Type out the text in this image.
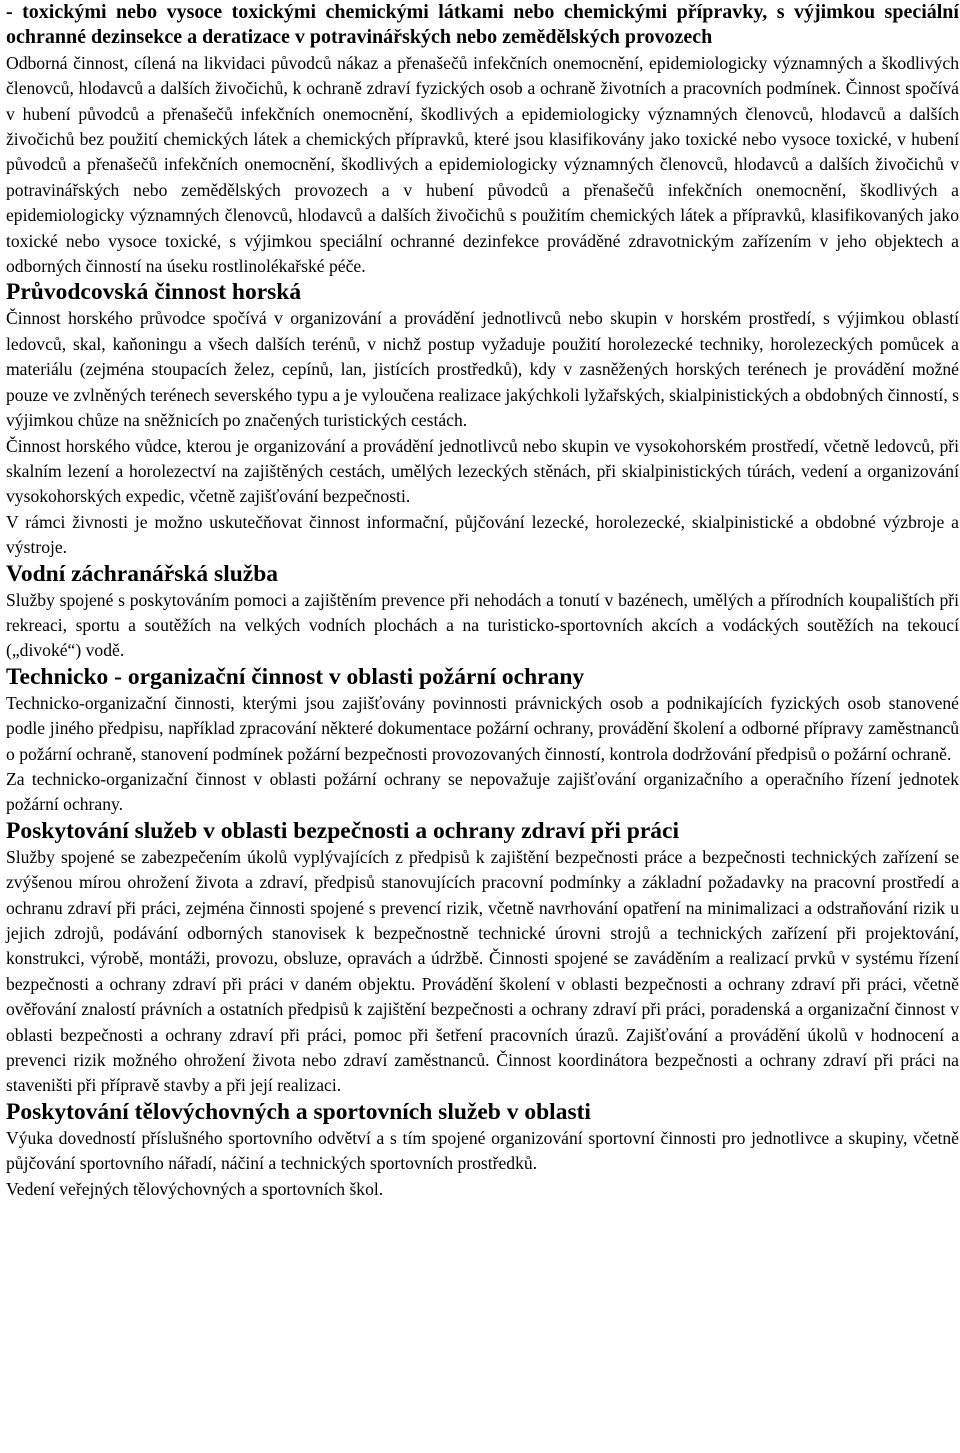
- toxickými nebo vysoce toxickými chemickými látkami nebo chemickými přípravky, s výjimkou speciální ochranné dezinsekce a deratizace v potravinářských nebo zemědělských provozech

Odborná činnost, cílená na likvidaci původců nákaz a přenašečů infekčních onemocnění, epidemiologicky významných a škodlivých členovců, hlodavců a dalších živočichů, k ochraně zdraví fyzických osob a ochraně životních a pracovních podmínek. Činnost spočívá v hubení původců a přenašečů infekčních onemocnění, škodlivých a epidemiologicky významných členovců, hlodavců a dalších živočichů bez použití chemických látek a chemických přípravků, které jsou klasifikovány jako toxické nebo vysoce toxické, v hubení původců a přenašečů infekčních onemocnění, škodlivých a epidemiologicky významných členovců, hlodavců a dalších živočichů v potravinářských nebo zemědělských provozech a v hubení původců a přenašečů infekčních onemocnění, škodlivých a epidemiologicky významných členovců, hlodavců a dalších živočichů s použitím chemických látek a přípravků, klasifikovaných jako toxické nebo vysoce toxické, s výjimkou speciální ochranné dezinfekce prováděné zdravotnickým zařízením v jeho objektech a odborných činností na úseku rostlinolékařské péče.

Průvodcovská činnost horská

Činnost horského průvodce spočívá v organizování a provádění jednotlivců nebo skupin v horském prostředí, s výjimkou oblastí ledovců, skal, kaňoningu a všech dalších terénů, v nichž postup vyžaduje použití horolezecké techniky, horolezeckých pomůcek a materiálu (zejména stoupacích želez, cepínů, lan, jistících prostředků), kdy v zasněžených horských terénech je provádění možné pouze ve zvlněných terénech severského typu a je vyloučena realizace jakýchkoli lyžařských, skialpinistických a obdobných činností, s výjimkou chůze na sněžnicích po značených turistických cestách.

Činnost horského vůdce, kterou je organizování a provádění jednotlivců nebo skupin ve vysokohorském prostředí, včetně ledovců, při skalním lezení a horolezectví na zajištěných cestách, umělých lezeckých stěnách, při skialpinistických túrách, vedení a organizování vysokohorských expedic, včetně zajišťování bezpečnosti.

V rámci živnosti je možno uskutečňovat činnost informační, půjčování lezecké, horolezecké, skialpinistické a obdobné výzbroje a výstroje.

Vodní záchranářská služba

Služby spojené s poskytováním pomoci a zajištěním prevence při nehodách a tonutí v bazénech, umělých a přírodních koupalištích při rekreaci, sportu a soutěžích na velkých vodních plochách a na turisticko-sportovních akcích a vodáckých soutěžích na tekoucí („divoké“) vodě.

Technicko - organizační činnost v oblasti požární ochrany

Technicko-organizační činnosti, kterými jsou zajišťovány povinnosti právnických osob a podnikajících fyzických osob stanovené podle jiného předpisu, například zpracování některé dokumentace požární ochrany, provádění školení a odborné přípravy zaměstnanců o požární ochraně, stanovení podmínek požární bezpečnosti provozovaných činností, kontrola dodržování předpisů o požární ochraně.

Za technicko-organizační činnost v oblasti požární ochrany se nepovažuje zajišťování organizačního a operačního řízení jednotek požární ochrany.

Poskytování služeb v oblasti bezpečnosti a ochrany zdraví při práci

Služby spojené se zabezpečením úkolů vyplývajících z předpisů k zajištění bezpečnosti práce a bezpečnosti technických zařízení se zvýšenou mírou ohrožení života a zdraví, předpisů stanovujících pracovní podmínky a základní požadavky na pracovní prostředí a ochranu zdraví při práci, zejména činnosti spojené s prevencí rizik, včetně navrhování opatření na minimalizaci a odstraňování rizik u jejich zdrojů, podávání odborných stanovisek k bezpečnostně technické úrovni strojů a technických zařízení při projektování, konstrukci, výrobě, montáži, provozu, obsluze, opravách a údržbě. Činnosti spojené se zaváděním a realizací prvků v systému řízení bezpečnosti a ochrany zdraví při práci v daném objektu. Provádění školení v oblasti bezpečnosti a ochrany zdraví při práci, včetně ověřování znalostí právních a ostatních předpisů k zajištění bezpečnosti a ochrany zdraví při práci, poradenská a organizační činnost v oblasti bezpečnosti a ochrany zdraví při práci, pomoc při šetření pracovních úrazů. Zajišťování a provádění úkolů v hodnocení a prevenci rizik možného ohrožení života nebo zdraví zaměstnanců. Činnost koordinátora bezpečnosti a ochrany zdraví při práci na staveništi při přípravě stavby a při její realizaci.

Poskytování tělovýchovných a sportovních služeb v oblasti

Výuka dovedností příslušného sportovního odvětví a s tím spojené organizování sportovní činnosti pro jednotlivce a skupiny, včetně půjčování sportovního nářadí, náčiní a technických sportovních prostředků.

Vedení veřejných tělovýchovných a sportovních škol.
